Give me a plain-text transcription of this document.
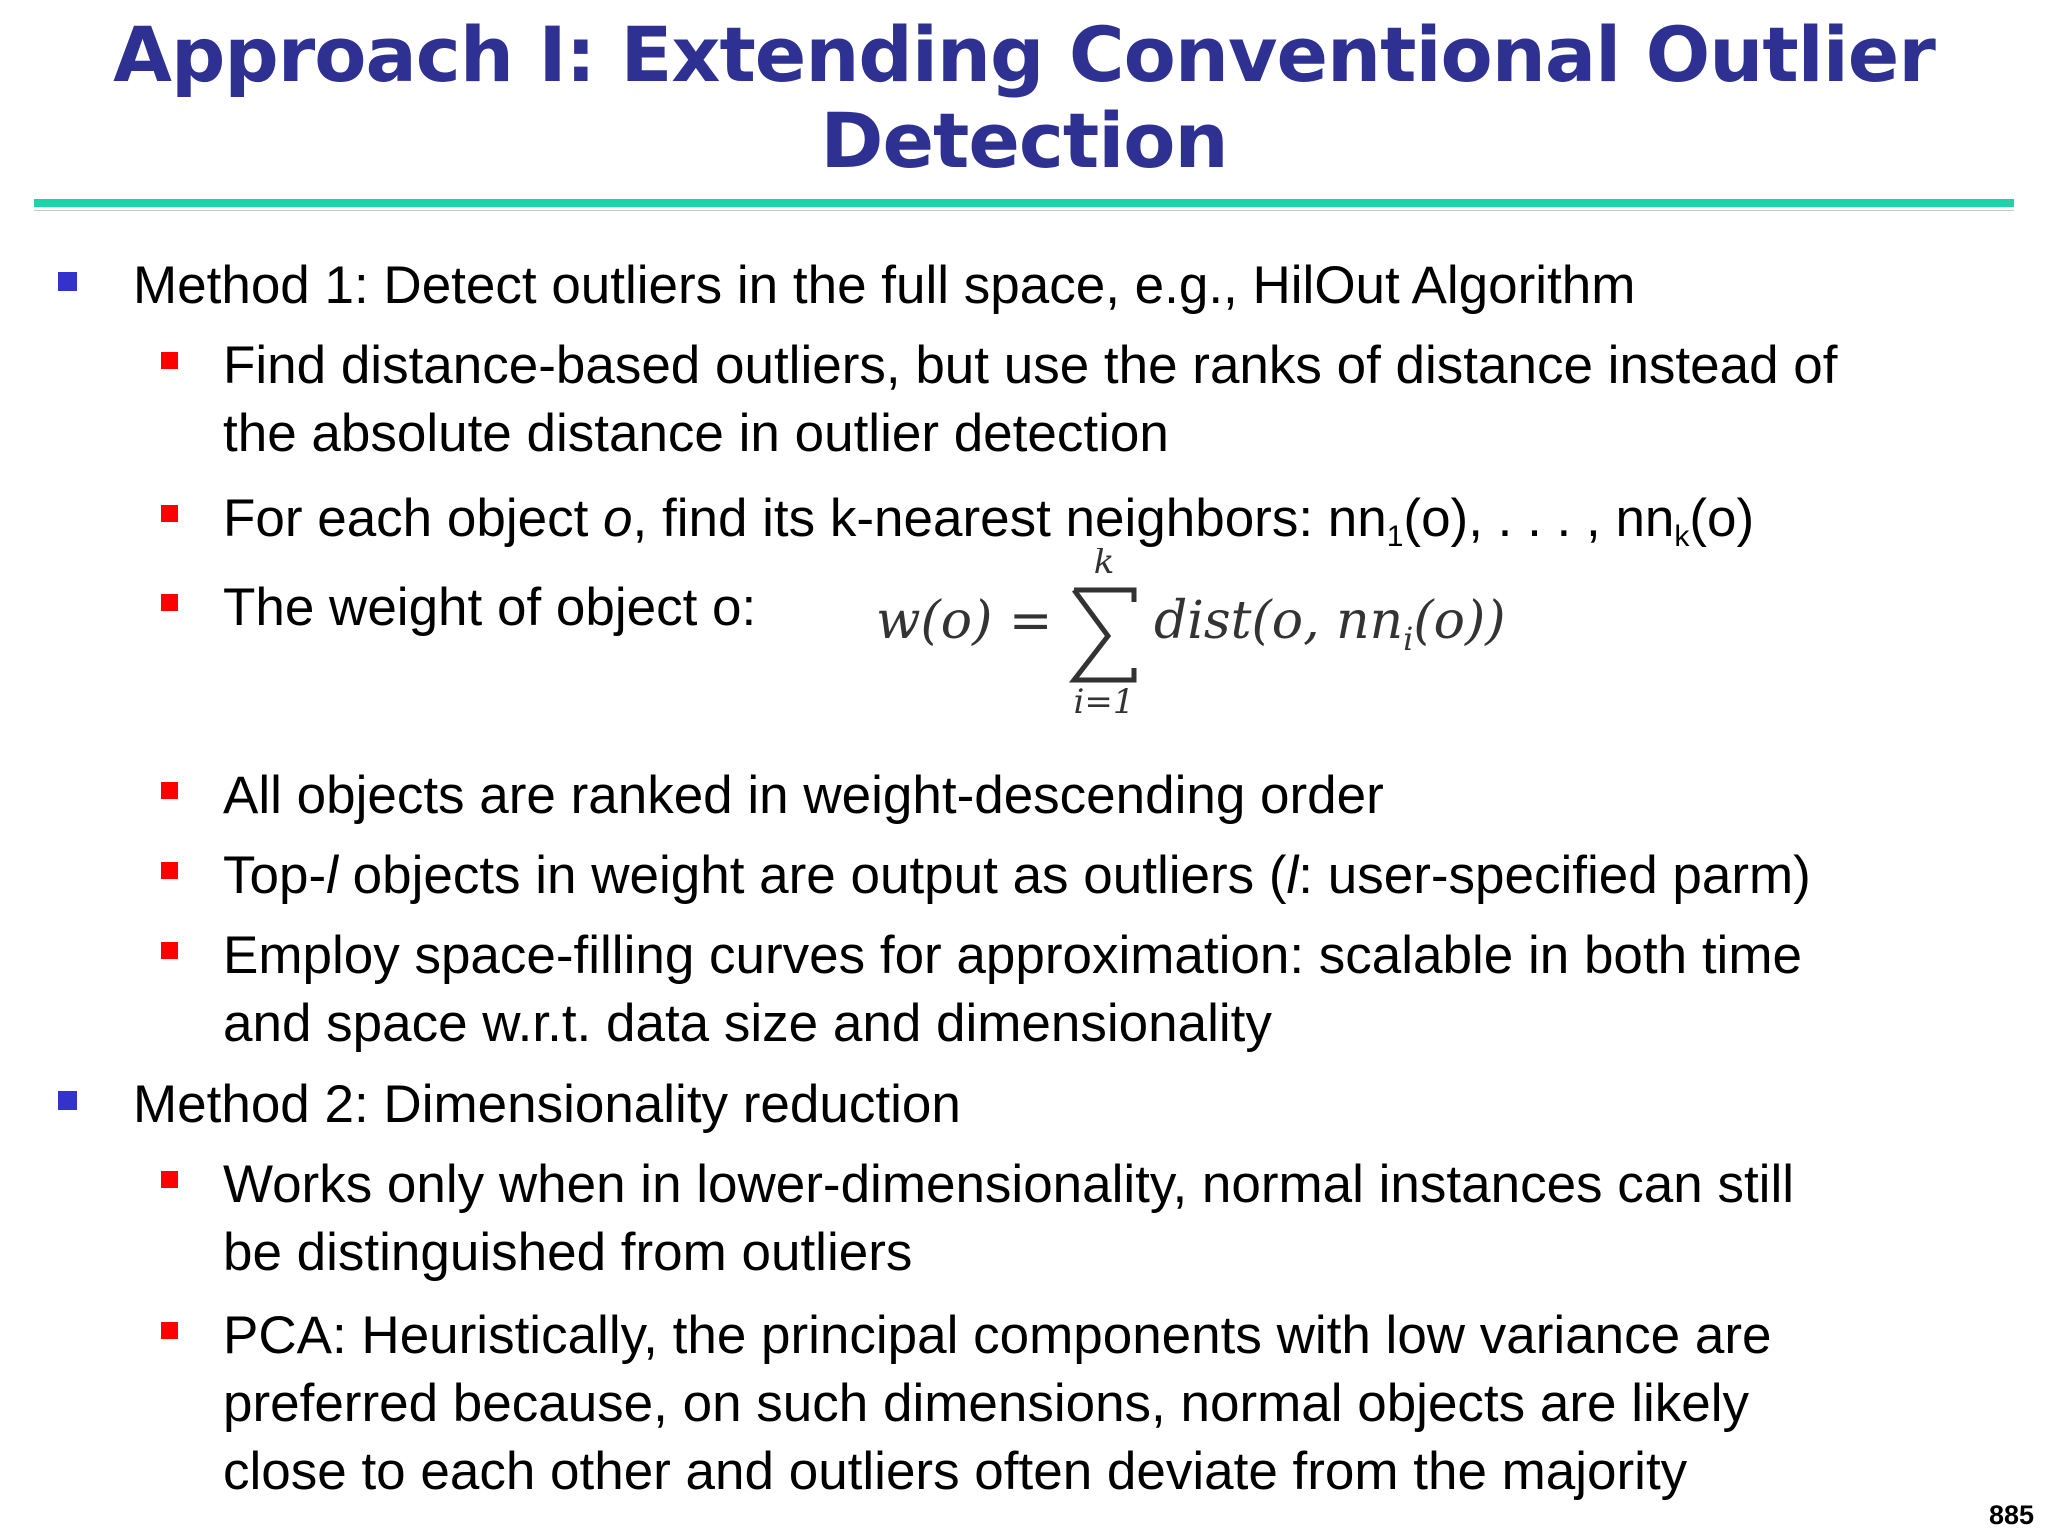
Approach I: Extending Conventional Outlier
Detection
Method 1: Detect outliers in the full space, e.g., HilOut Algorithm
Find distance-based outliers, but use the ranks of distance instead of
the absolute distance in outlier detection
For each object o, find its k-nearest neighbors: $nn_1(o)$, . . . , $nn_k(o)$
The weight of object o: w(o) =
k
i=1
dist(o, $nn_i(o)$)
All objects are ranked in weight-descending order
Top-l objects in weight are output as outliers (l: user-specified parm)
Employ space-filling curves for approximation: scalable in both time
and space w.r.t. data size and dimensionality
Method 2: Dimensionality reduction
Works only when in lower-dimensionality, normal instances can still
be distinguished from outliers
PCA: Heuristically, the principal components with low variance are
preferred because, on such dimensions, normal objects are likely
close to each other and outliers often deviate from the majority
885
